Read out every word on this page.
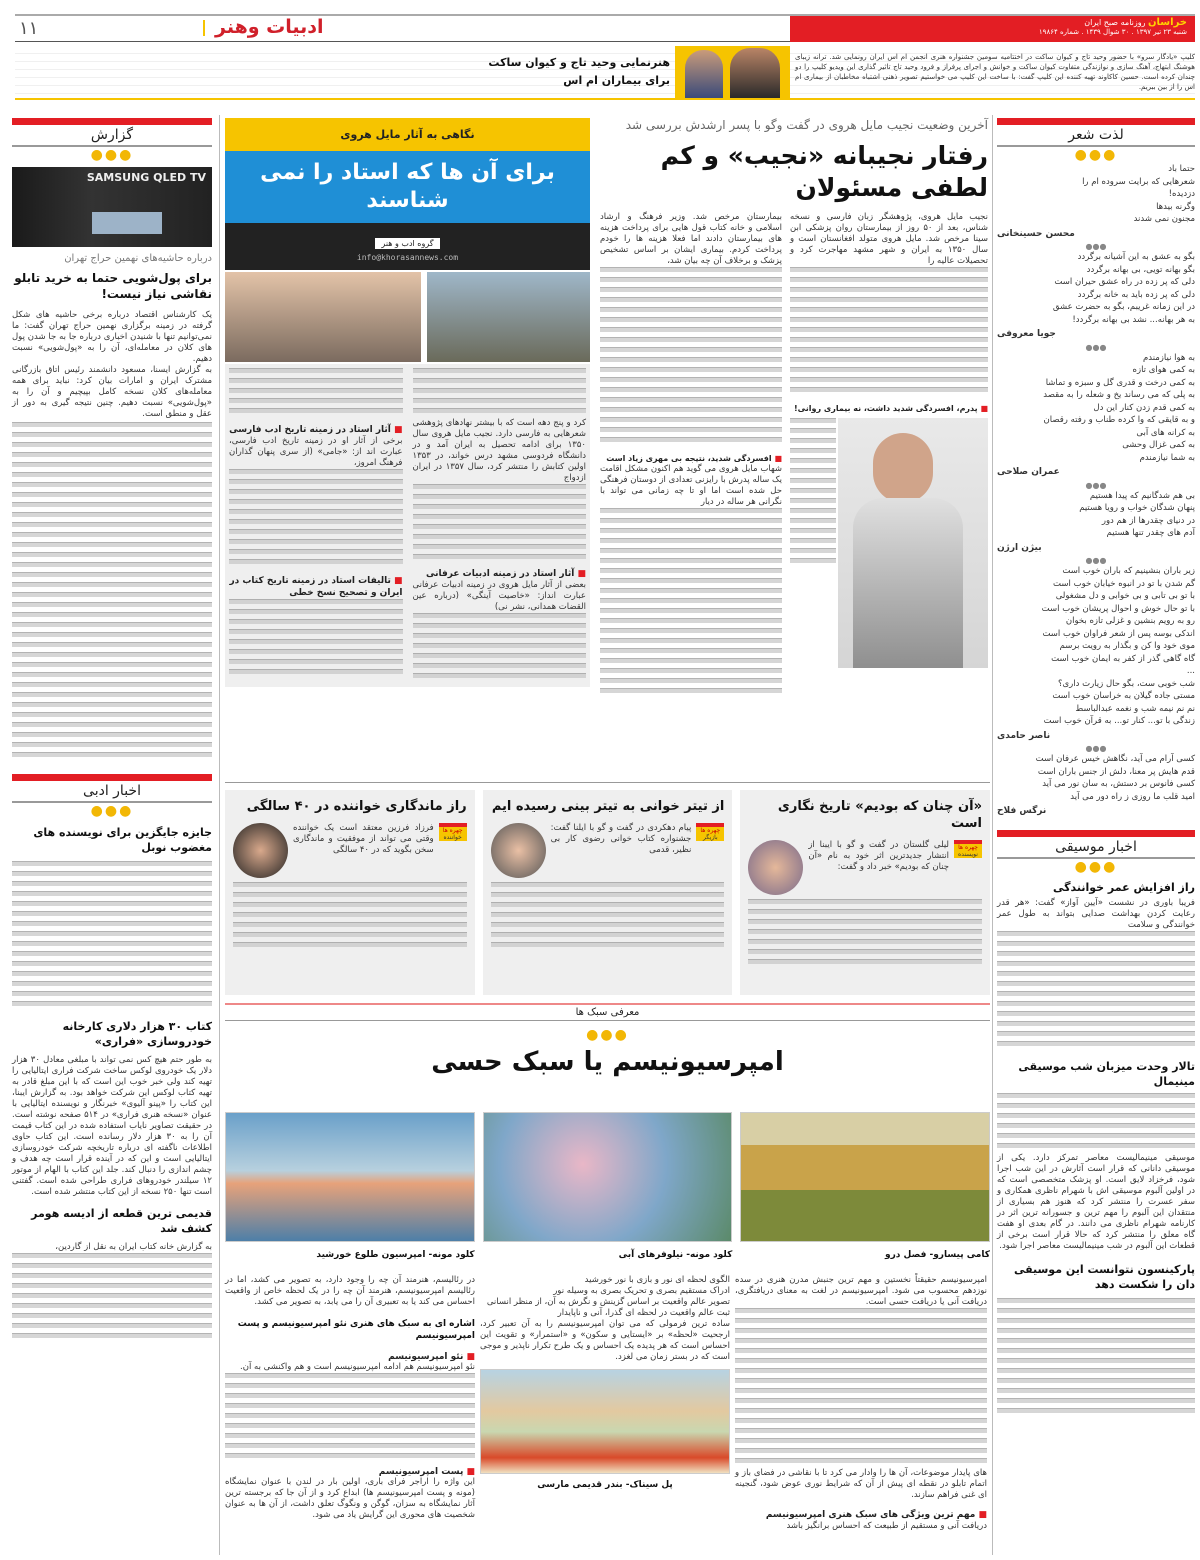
۱۱	ادبیات وهنر	خراسان روزنامه صبح ایران
شنبه ۲۳ تیر ۱۳۹۷ . ۳۰ شوال ۱۴۳۹ . شماره ۱۹۸۶۴
کلیپ «یادگار سرو» با حضور وحید تاج و کیوان ساکت در اختتامیه سومین جشنواره هنری انجمن ام اس ایران رونمایی شد. ترانه زیبای هوشنگ ابتهاج، آهنگ سازی و نوازندگی متفاوت کیوان ساکت و خوانش و اجرای پرفراز و فرود وحید تاج تاثیر گذاری این ویدیو کلیپ را دو چندان کرده است. حسین کاکاوند تهیه کننده این کلیپ گفت: با ساخت این کلیپ می خواستیم تصویر ذهنی اشتباه مخاطبان از بیماری ام اس را از بین ببریم.
هنرنمایی وحید تاج و کیوان ساکت
برای بیماران ام اس
گزارش
●●●
SAMSUNG QLED TV
درباره حاشیه‌های نهمین حراج تهران
برای پول‌شویی حتما به خرید تابلو نقاشی نیاز نیست!

یک کارشناس اقتصاد درباره برخی حاشیه های شکل گرفته در زمینه برگزاری نهمین حراج تهران گفت: ما نمی‌توانیم تنها با شنیدن اخباری درباره جا به جا شدن پول های کلان در معامله‌ای، آن را به «پول‌شویی» نسبت دهیم.

به گزارش ایسنا، مسعود دانشمند رئیس اتاق بازرگانی مشترک ایران و امارات بیان کرد: نباید برای همه معامله‌های کلان نسخه کامل بپیچیم و آن را به «پول‌شویی» نسبت دهیم. چنین نتیجه گیری به دور از عقل و منطق است.

اخبار ادبی
●●●
جایزه جایگزین برای نویسنده های مغضوب نوبل
کتاب ۳۰ هزار دلاری کارخانه خودروسازی «فراری»

به طور حتم هیچ کس نمی تواند با مبلغی معادل ۳۰ هزار دلار یک خودروی لوکس ساخت شرکت فراری ایتالیایی را تهیه کند ولی خبر خوب این است که با این مبلغ قادر به تهیه کتاب لوکس این شرکت خواهد بود. به گزارش ایبنا، این کتاب را «پینو آلیوی» خبرنگار و نویسنده ایتالیایی با عنوان «نسخه هنری فراری» در ۵۱۴ صفحه نوشته است. در حقیقت تصاویر نایاب استفاده شده در این کتاب قیمت آن را به ۳۰ هزار دلار رسانده است. این کتاب حاوی اطلاعات ناگفته ای درباره تاریخچه شرکت خودروسازی ایتالیایی است و این که در آینده قرار است چه هدف و چشم اندازی را دنبال کند. جلد این کتاب با الهام از موتور ۱۲ سیلندر خودروهای فراری طراحی شده است. گفتنی است تنها ۲۵۰ نسخه از این کتاب منتشر شده است.

قدیمی ترین قطعه از ادیسه هومر کشف شد

به گزارش خانه کتاب ایران به نقل از گاردین،

آخرین وضعیت نجیب مایل هروی در گفت وگو با پسر ارشدش بررسی شد
رفتار نجیبانه «نجیب» و کم لطفی مسئولان

نجیب مایل هروی، پژوهشگر زبان فارسی و نسخه شناس، بعد از ۵۰ روز از بیمارستان روان پزشکی ابن سینا مرخص شد. مایل هروی متولد افغانستان است و سال ۱۳۵۰ به ایران و شهر مشهد مهاجرت کرد و تحصیلات عالیه را

■ پدرم، افسردگی شدید داشت، نه بیماری روانی!

بیمارستان مرخص شد. وزیر فرهنگ و ارشاد اسلامی و خانه کتاب قول هایی برای پرداخت هزینه های بیمارستان دادند اما فعلا هزینه ها را خودم پرداخت کردم. بیماری ایشان بر اساس تشخیص پزشک و برخلاف آن چه بیان شد،

■ افسردگی شدید، نتیجه بی مهری زیاد است

شهاب مایل هروی می گوید هم اکنون مشکل اقامت یک ساله پدرش با رایزنی تعدادی از دوستان فرهنگی حل شده است اما او تا چه زمانی می تواند با نگرانی هر ساله در دیار

نگاهی به آثار مایل هروی
برای آن ها که استاد را نمی شناسند
گروه ادب و هنر
info@khorasannews.com

کرد و پنج دهه است که با بیشتر نهادهای پژوهشی شعرهایی به فارسی دارد. نجیب مایل هروی سال ۱۳۵۰ برای ادامه تحصیل به ایران آمد و در دانشگاه فردوسی مشهد درس خواند، در ۱۳۵۳ اولین کتابش را منتشر کرد، سال ۱۳۵۷ در ایران ازدواج

■ آثار استاد در زمینه ادبیات عرفانی

بعضی از آثار مایل هروی در زمینه ادبیات عرفانی عبارت انداز: «خاصیت آینگی» (درباره عین القضات همدانی، نشر نی)

■ آثار استاد در زمینه تاریخ ادب فارسی

برخی از آثار او در زمینه تاریخ ادب فارسی، عبارت اند از: «جامی» (از سری پنهان گذاران فرهنگ امروز،

■ تالیفات استاد در زمینه تاریخ کتاب در ایران و تصحیح نسخ خطی
«آن چنان که بودیم» تاریخ نگاری است
چهره ها
نویسنده

لیلی گلستان در گفت و گو با ایبنا از انتشار جدیدترین اثر خود به نام «آن چنان که بودیم» خبر داد و گفت:

از تیتر خوانی به تیتر بینی رسیده ایم
چهره ها
بازیگر

پیام دهکردی در گفت و گو با ایلنا گفت: جشنواره کتاب خوانی رضوی کار بی نظیر، قدمی

راز ماندگاری خواننده در ۴۰ سالگی
چهره ها
خواننده

فرزاد فرزین معتقد است یک خواننده وقتی می تواند از موفقیت و ماندگاری سخن بگوید که در ۴۰ سالگی

معرفی سبک ها
●●●
امپرسیونیسم یا سبک حسی
کامی پیسارو- فصل درو
کلود مونه- نیلوفرهای آبی
کلود مونه- امپرسیون طلوع خورشید

امپرسیونیسم حقیقتاً نخستین و مهم ترین جنبش مدرن هنری در سده نوزدهم محسوب می شود. امپرسیونیسم در لغت به معنای دریافتگری، دریافت آنی یا دریافت حسی است.

های پایدار موضوعات، آن ها را وادار می کرد تا با نقاشی در فضای باز و اتمام تابلو در نقطه ای پیش از آن که شرایط نوری عوض شود، گنجینه ای غنی فراهم سازند.

■ مهم ترین ویژگی های سبک هنری امپرسیونیسم

دریافت آنی و مستقیم از طبیعت که احساس برانگیز باشد

الگوی لحظه ای نور و بازی با نور خورشید

ادراک مستقیم بصری و تحریک بصری به وسیله نور

تصویر عالم واقعیت بر اساس گزینش و نگرش به آن، از منظر انسانی

ثبت عالم واقعیت در لحظه ای گذرا، آنی و ناپایدار

ساده ترین فرمولی که می توان امپرسیونیسم را به آن تعبیر کرد، ارجحیت «لحظه» بر «ایستایی و سکون» و «استمرار» و تقویت این احساس است که هر پدیده یک احساس و یک طرح تکرار ناپذیر و موجی است که در بستر زمان می لغزد.

پل سیناک- بندر قدیمی مارسی

در رئالیسم، هنرمند آن چه را وجود دارد، به تصویر می کشد، اما در رئالیسم امپرسیونیسم، هنرمند آن چه را در یک لحظه خاص از واقعیت احساس می کند یا به تعبیری آن را می یابد، به تصویر می کشد.

اشاره ای به سبک های هنری نئو امپرسیونیسم و پست امپرسیونیسم
■ نئو امپرسیونیسم

نئو امپرسیونیسم هم ادامه امپرسیونیسم است و هم واکنشی به آن.

■ پست امپرسیونیسم

این واژه را اراجر فرای باری، اولین بار در لندن با عنوان نمایشگاه (مونه و پست امپرسیونیسم ها) ابداع کرد و از آن جا که برجسته ترین آثار نمایشگاه به سزان، گوگن و ونگوگ تعلق داشت، از آن ها به عنوان شخصیت های محوری این گرایش یاد می شود.

لذت شعر
●●●
حتما باد
شعرهایی که برایت سروده ام را
دزدیده!
وگرنه بیدها
مجنون نمی شدند
محسن حسینخانی
●●●
بگو به عشق به این آشیانه برگردد
بگو بهانه تویی، بی بهانه برگردد
دلی که پر زده در راه عشق حیران است
دلی که پر زده باید به خانه برگردد
در این زمانه غریبم، بگو به حضرت عشق
به هر بهانه... نشد بی بهانه برگردد!
جویا معروفی
●●●
به هوا نیازمندم
به کمی هوای تازه
به کمی درخت و قدری گل و سبزه و تماشا
به پلی که می رساند یخ و شعله را به مقصد
به کمی قدم زدن کنار این دل
و به قایقی که وا کرده طناب و رفته رقصان
به کرانه های آبی
به کمی غزال وحشی
به شما نیازمندم
عمران صلاحی
●●●
بی هم شدگانیم که پیدا هستیم
پنهان شدگان خواب و رویا هستیم
در دنیای چقدرها از هم دور
آدم های چقدر تنها هستیم
بیژن ارژن
●●●
زیر باران بنشینیم که باران خوب است
گم شدن با تو در انبوه خیابان خوب است
با تو بی تابی و بی خوابی و دل مشغولی
با تو حال خوش و احوال پریشان خوب است
رو به رویم بنشین و غزلی تازه بخوان
اندکی بوسه پس از شعر فراوان خوب است
موی خود وا کن و بگذار به رویت برسم
گاه گاهی گذر از کفر به ایمان خوب است
...
شب خوبی ست، بگو حال زیارت داری؟
مستی جاده گیلان به خراسان خوب است
نم نم نیمه شب و نغمه عبدالباسط
زندگی با تو... کنار تو... به قرآن خوب است
ناصر حامدی
●●●
کسی آرام می آید، نگاهش خیس عرفان است
قدم هایش پر معنا، دلش از جنس باران است
کسی فانوس بر دستش، به سان نور می آید
امید قلب ما روزی ز راه دور می آید
نرگس فلاح
اخبار موسیقی
●●●
راز افزایش عمر خوانندگی

فریبا باوری در نشست «آیین آواز» گفت: «هر قدر رعایت کردن بهداشت صدایی بتواند به طول عمر خوانندگی و سلامت

تالار وحدت میزبان شب موسیقی مینیمال

موسیقی مینیمالیست معاصر تمرکز دارد. یکی از موسیقی دانانی که قرار است آثارش در این شب اجرا شود، فرخزاد لایق است. او پزشک متخصصی است که در اولین آلبوم موسیقی اش با شهرام ناظری همکاری و سفر عسرت را منتشر کرد که هنوز هم بسیاری از منتقدان این آلبوم را مهم ترین و جسورانه ترین اثر در کارنامه شهرام ناظری می دانند. در گام بعدی او هفت گاه معلق را منتشر کرد که حالا قرار است برخی از قطعات این آلبوم در شب مینیمالیست معاصر اجرا شود.

پارکینسون نتوانست این موسیقی دان را شکست دهد
